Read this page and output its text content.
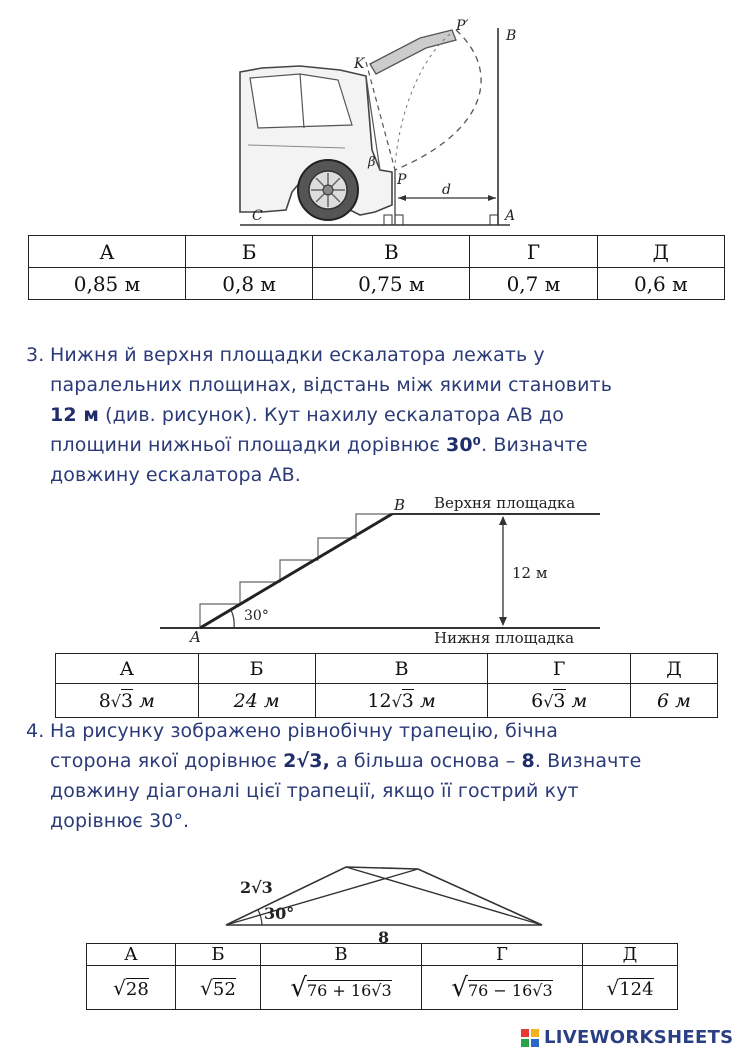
K
P′
B
β
P
d
C	A
А	Б	В	Г	Д
0,85 м	0,8 м	0,75 м	0,7 м	0,6 м
3. Нижня й верхня площадки ескалатора лежать у
паралельних площинах, відстань між якими становить
12 м (див. рисунок). Кут нахилу ескалатора АВ до
площини нижньої площадки дорівнює 30⁰. Визначте
довжину ескалатора АВ.
Верхня площадка
Нижня площадка
12 м
30°
A
B
А	Б	В	Г	Д
8√3 м	24 м	12√3 м	6√3 м	6 м
4. На рисунку зображено рівнобічну трапецію, бічна
сторона якої дорівнює 2√3, а більша основа – 8. Визначте
довжину діагоналі цієї трапеції, якщо її гострий кут
дорівнює 30°.
2√3
30°
8
А	Б	В	Г	Д
√28	√52	√76 + 16√3	√76 − 16√3	√124
LIVEWORKSHEETS
